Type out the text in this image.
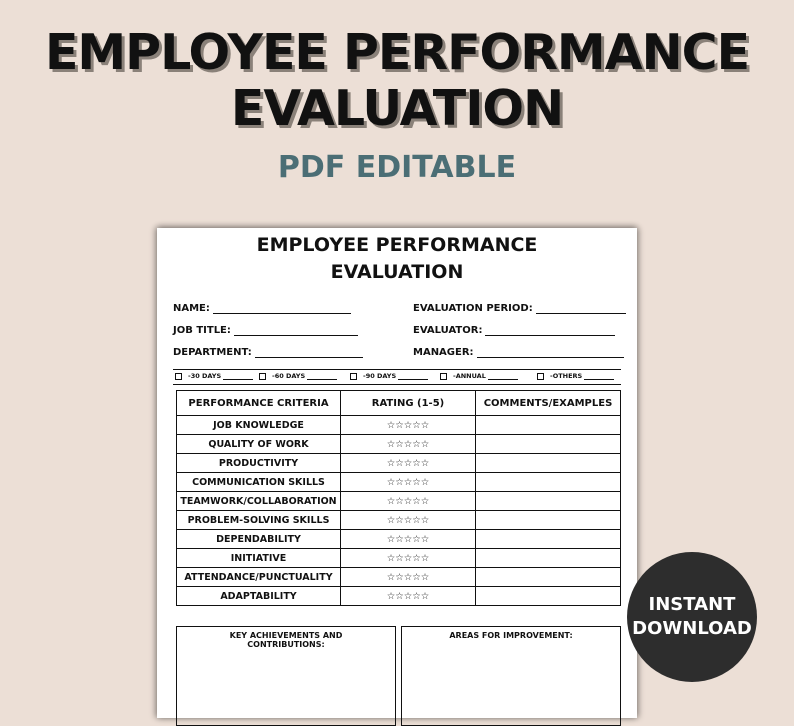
EMPLOYEE PERFORMANCE
EVALUATION
PDF EDITABLE
EMPLOYEE PERFORMANCE
EVALUATION
NAME:
JOB TITLE:
DEPARTMENT:
EVALUATION PERIOD:
EVALUATOR:
MANAGER:
-30 DAYS	-60 DAYS	-90 DAYS	-ANNUAL	-OTHERS
PERFORMANCE CRITERIA	RATING (1-5)	COMMENTS/EXAMPLES
JOB KNOWLEDGE	☆☆☆☆☆	
QUALITY OF WORK	☆☆☆☆☆	
PRODUCTIVITY	☆☆☆☆☆	
COMMUNICATION SKILLS	☆☆☆☆☆	
TEAMWORK/COLLABORATION	☆☆☆☆☆	
PROBLEM-SOLVING SKILLS	☆☆☆☆☆	
DEPENDABILITY	☆☆☆☆☆	
INITIATIVE	☆☆☆☆☆	
ATTENDANCE/PUNCTUALITY	☆☆☆☆☆	
ADAPTABILITY	☆☆☆☆☆	
KEY ACHIEVEMENTS AND CONTRIBUTIONS:
AREAS FOR IMPROVEMENT:
INSTANT
DOWNLOAD
